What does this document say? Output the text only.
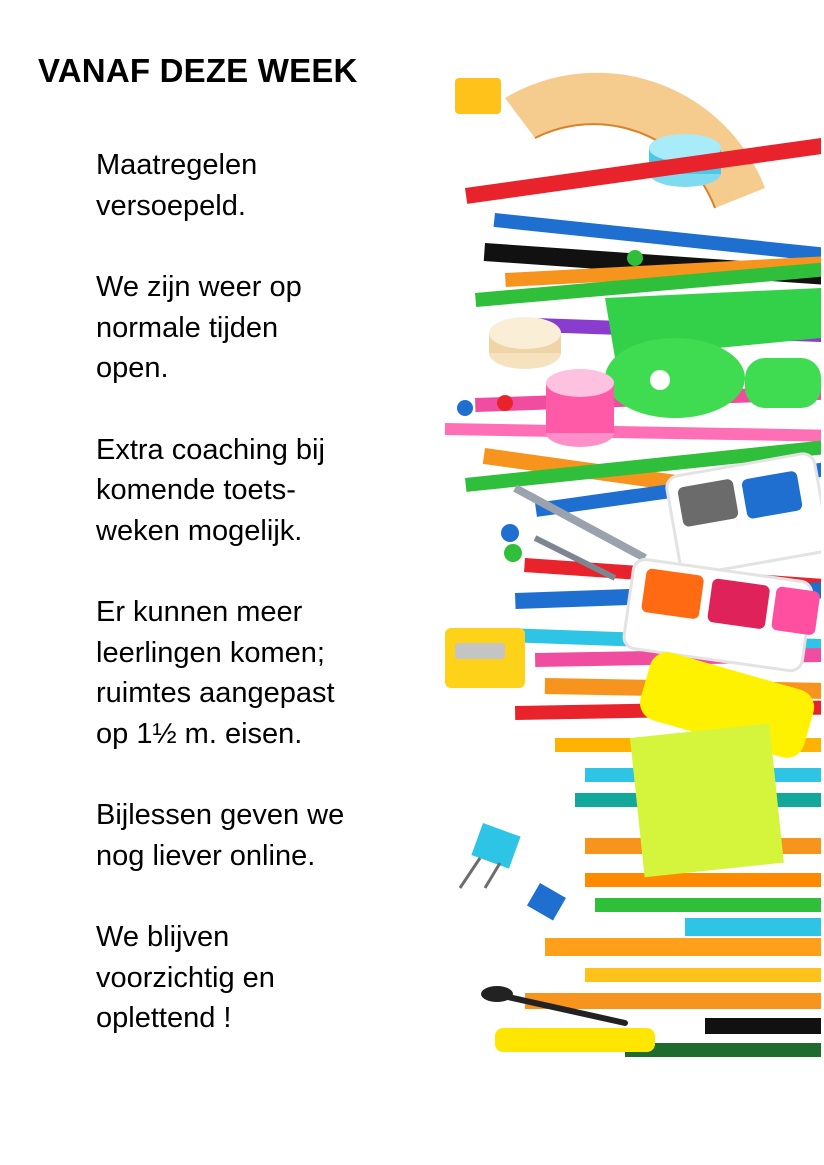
VANAF DEZE WEEK

Maatregelen
versoepeld.

We zijn weer op
normale tijden
open.

Extra coaching bij
komende toets-
weken mogelijk.

Er kunnen meer
leerlingen komen;
ruimtes aangepast
op 1½ m. eisen.

Bijlessen geven we
nog liever online.

We blijven
voorzichtig en
oplettend !
